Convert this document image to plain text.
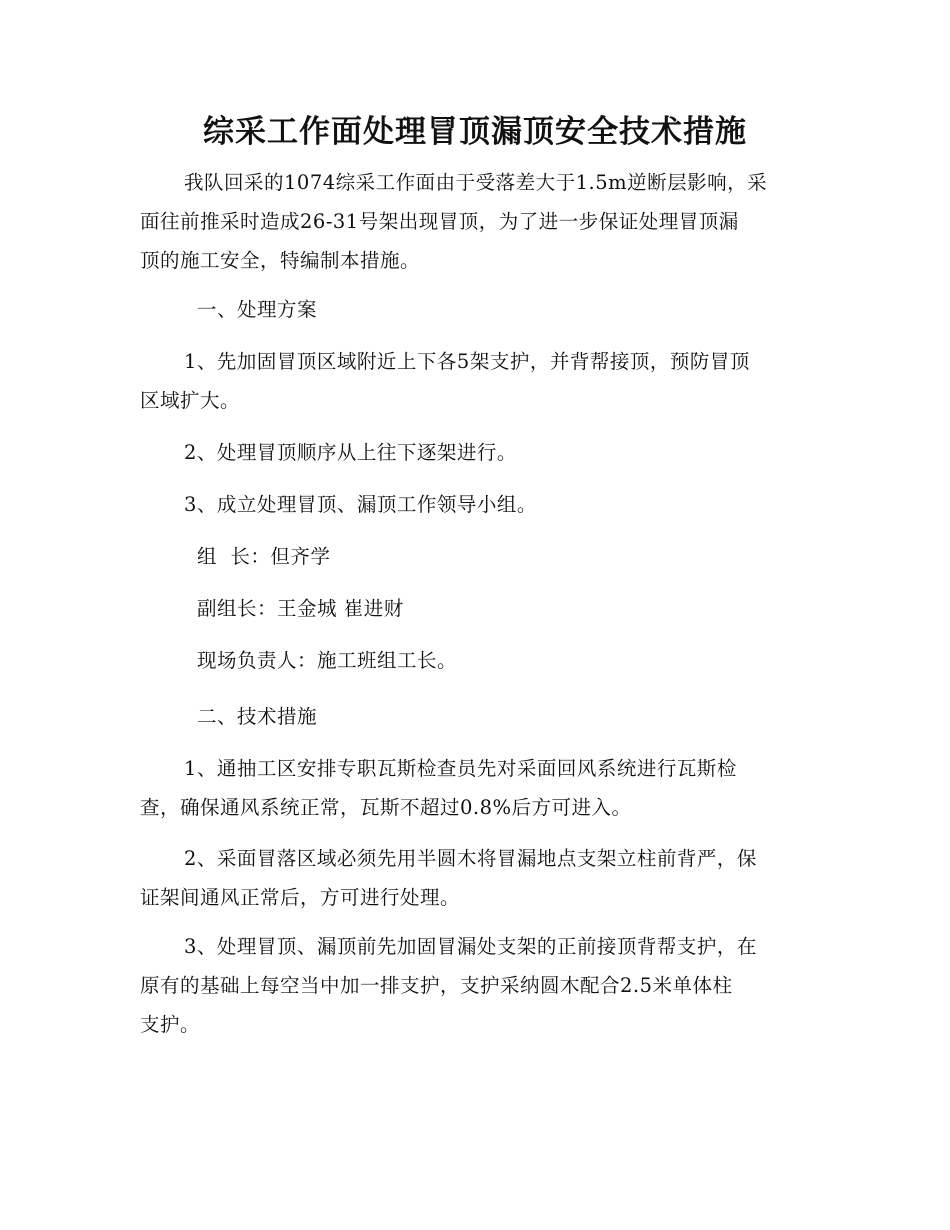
综采工作面处理冒顶漏顶安全技术措施
我队回采的1074综采工作面由于受落差大于1.5m逆断层影响，采
面往前推采时造成26-31号架出现冒顶，为了进一步保证处理冒顶漏
顶的施工安全，特编制本措施。
一、处理方案
1、先加固冒顶区域附近上下各5架支护，并背帮接顶，预防冒顶
区域扩大。
2、处理冒顶顺序从上往下逐架进行。
3、成立处理冒顶、漏顶工作领导小组。
组  长：但齐学
副组长：王金城 崔进财
现场负责人：施工班组工长。
二、技术措施
1、通抽工区安排专职瓦斯检查员先对采面回风系统进行瓦斯检
查，确保通风系统正常，瓦斯不超过0.8%后方可进入。
2、采面冒落区域必须先用半圆木将冒漏地点支架立柱前背严，保
证架间通风正常后，方可进行处理。
3、处理冒顶、漏顶前先加固冒漏处支架的正前接顶背帮支护，在
原有的基础上每空当中加一排支护，支护采纳圆木配合2.5米单体柱
支护。
